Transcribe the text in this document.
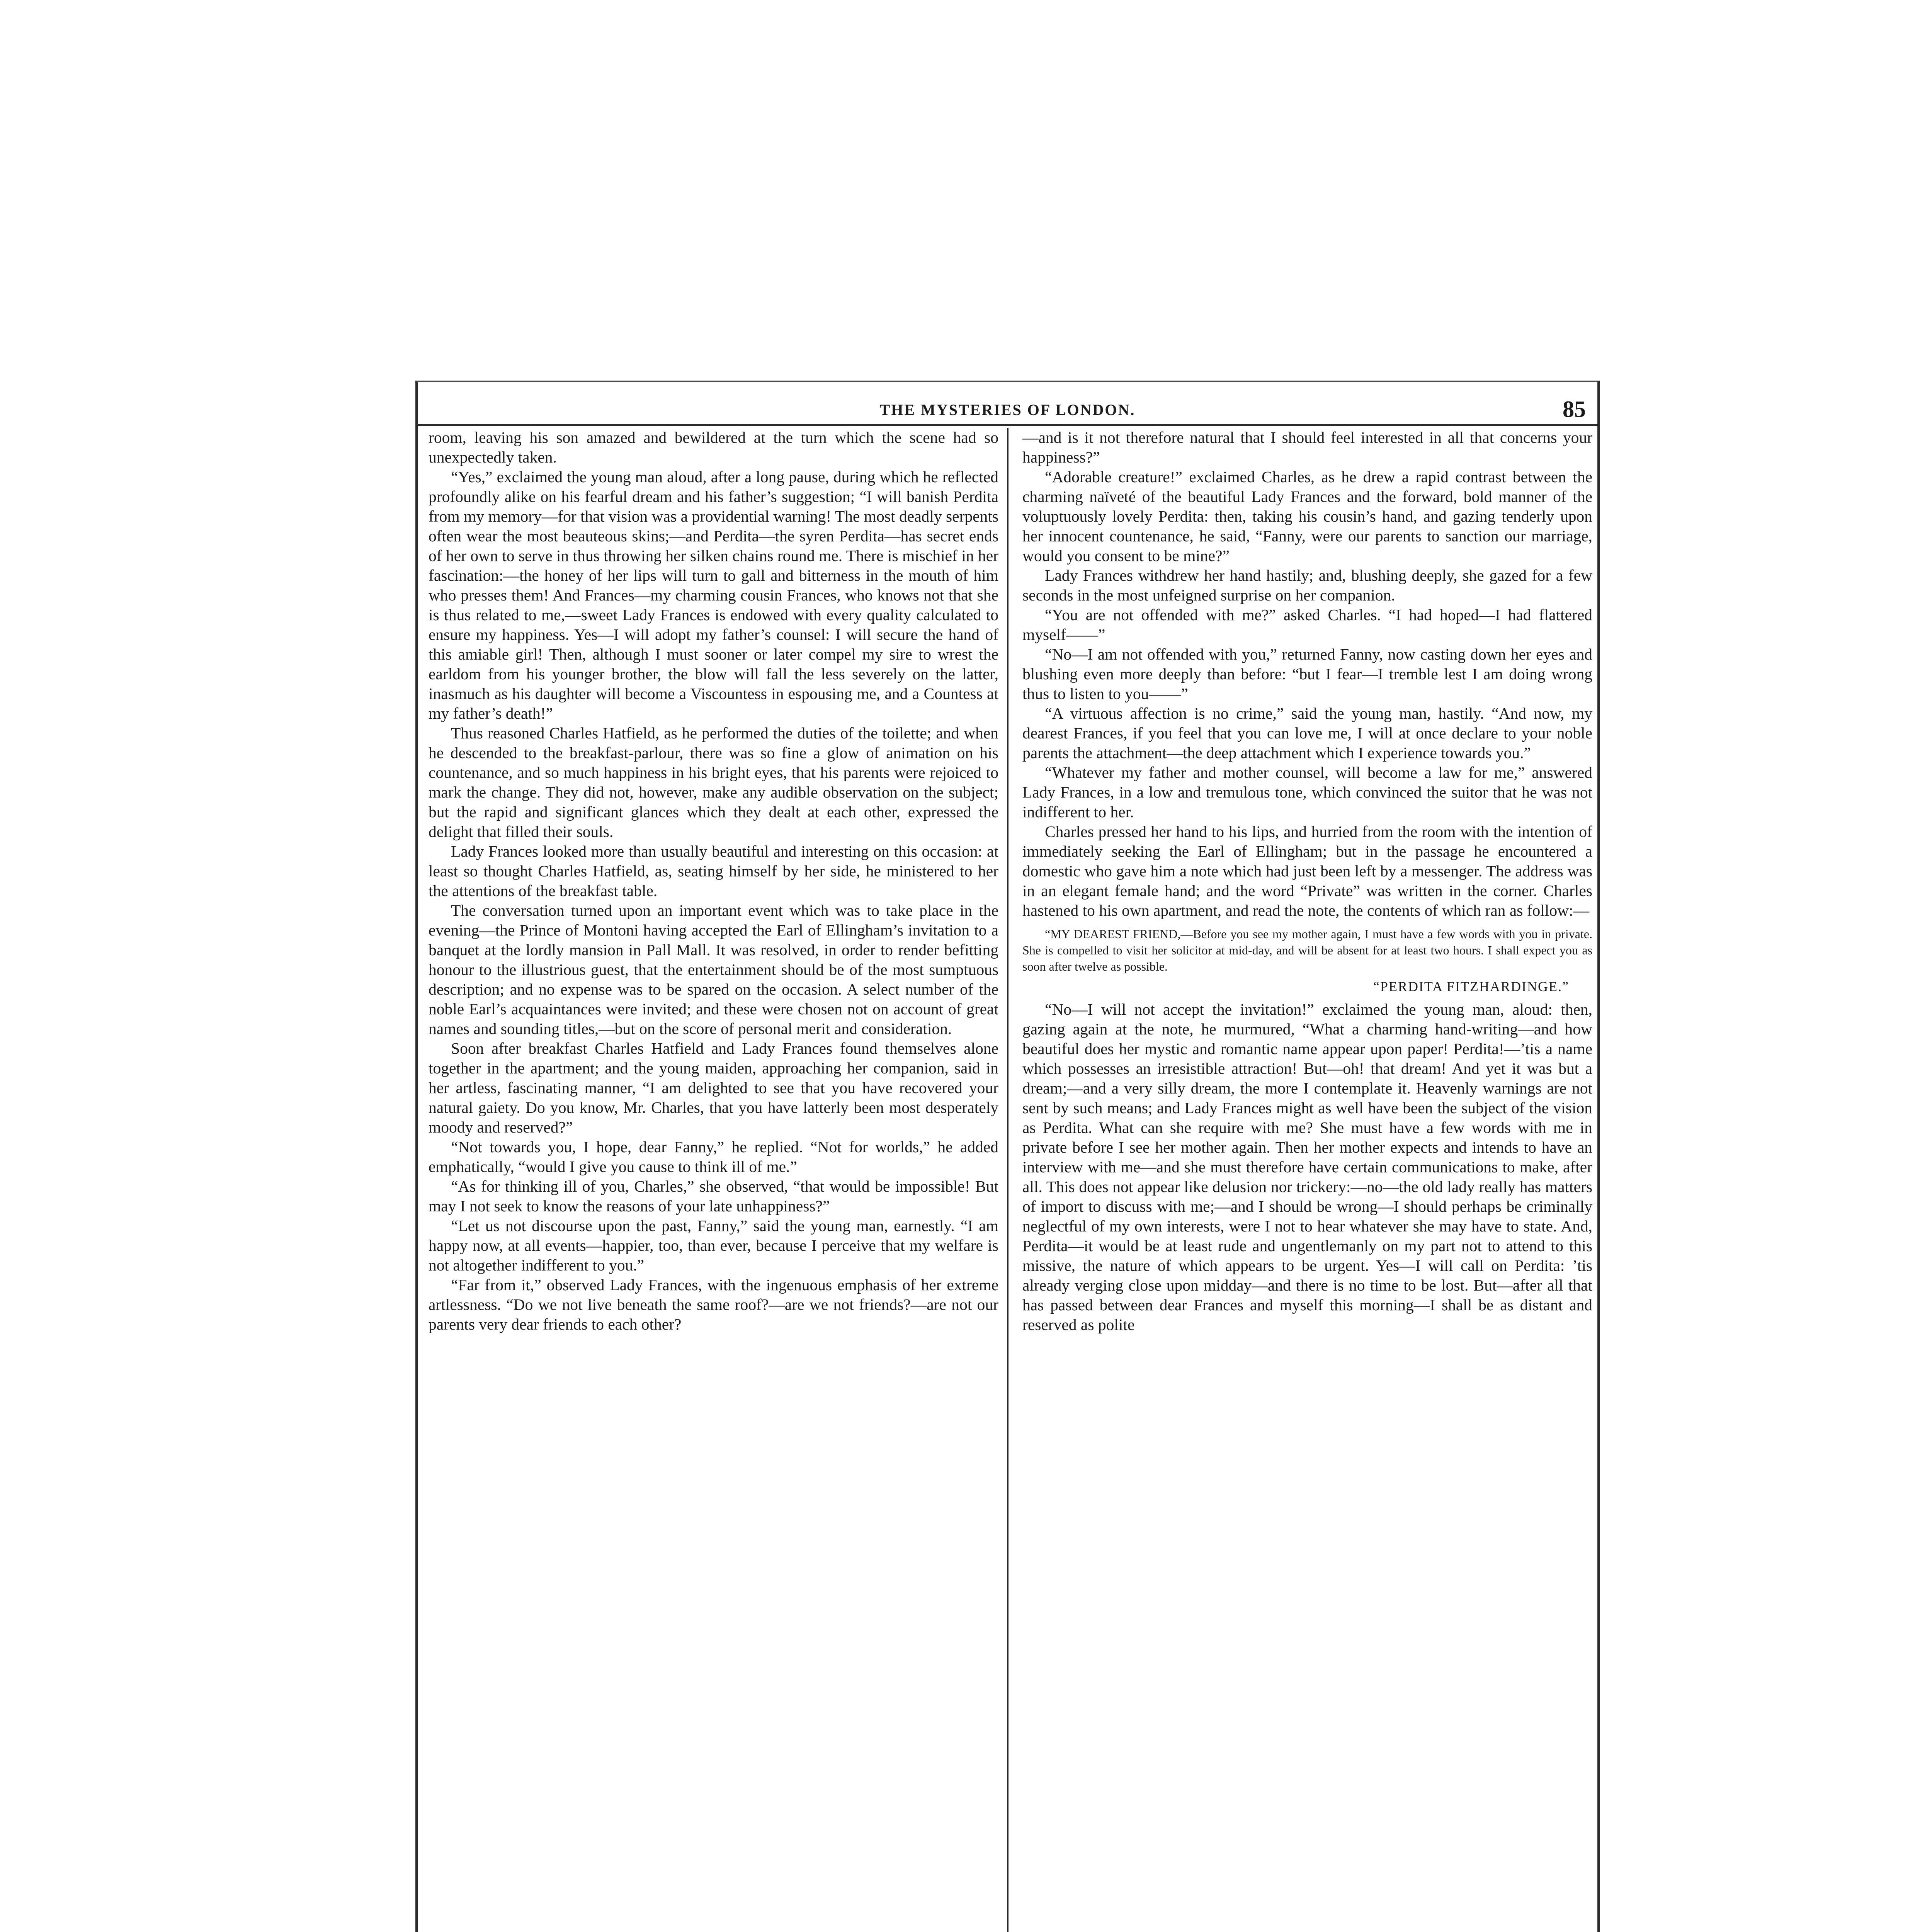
THE MYSTERIES OF LONDON.	85

room, leaving his son amazed and bewildered at the turn which the scene had so unexpectedly taken.

“Yes,” exclaimed the young man aloud, after a long pause, during which he reflected profoundly alike on his fearful dream and his father’s suggestion; “I will banish Perdita from my memory—for that vision was a providential warning! The most deadly serpents often wear the most beauteous skins;—and Perdita—the syren Perdita—has secret ends of her own to serve in thus throwing her silken chains round me. There is mischief in her fascination:—the honey of her lips will turn to gall and bitterness in the mouth of him who presses them! And Frances—my charming cousin Frances, who knows not that she is thus related to me,—sweet Lady Frances is endowed with every quality calculated to ensure my happiness. Yes—I will adopt my father’s counsel: I will secure the hand of this amiable girl! Then, although I must sooner or later compel my sire to wrest the earldom from his younger brother, the blow will fall the less severely on the latter, inasmuch as his daughter will become a Viscountess in espousing me, and a Countess at my father’s death!”

Thus reasoned Charles Hatfield, as he performed the duties of the toilette; and when he descended to the breakfast-parlour, there was so fine a glow of animation on his countenance, and so much happiness in his bright eyes, that his parents were rejoiced to mark the change. They did not, however, make any audible observation on the subject; but the rapid and significant glances which they dealt at each other, expressed the delight that filled their souls.

Lady Frances looked more than usually beautiful and interesting on this occasion: at least so thought Charles Hatfield, as, seating himself by her side, he ministered to her the attentions of the breakfast table.

The conversation turned upon an important event which was to take place in the evening—the Prince of Montoni having accepted the Earl of Ellingham’s invitation to a banquet at the lordly mansion in Pall Mall. It was resolved, in order to render befitting honour to the illustrious guest, that the entertainment should be of the most sumptuous description; and no expense was to be spared on the occasion. A select number of the noble Earl’s acquaintances were invited; and these were chosen not on account of great names and sounding titles,—but on the score of personal merit and consideration.

Soon after breakfast Charles Hatfield and Lady Frances found themselves alone together in the apartment; and the young maiden, approaching her companion, said in her artless, fascinating manner, “I am delighted to see that you have recovered your natural gaiety. Do you know, Mr. Charles, that you have latterly been most desperately moody and reserved?”

“Not towards you, I hope, dear Fanny,” he replied. “Not for worlds,” he added emphatically, “would I give you cause to think ill of me.”

“As for thinking ill of you, Charles,” she observed, “that would be impossible! But may I not seek to know the reasons of your late unhappiness?”

“Let us not discourse upon the past, Fanny,” said the young man, earnestly. “I am happy now, at all events—happier, too, than ever, because I perceive that my welfare is not altogether indifferent to you.”

“Far from it,” observed Lady Frances, with the ingenuous emphasis of her extreme artlessness. “Do we not live beneath the same roof?—are we not friends?—are not our parents very dear friends to each other?

—and is it not therefore natural that I should feel interested in all that concerns your happiness?”

“Adorable creature!” exclaimed Charles, as he drew a rapid contrast between the charming naïveté of the beautiful Lady Frances and the forward, bold manner of the voluptuously lovely Perdita: then, taking his cousin’s hand, and gazing tenderly upon her innocent countenance, he said, “Fanny, were our parents to sanction our marriage, would you consent to be mine?”

Lady Frances withdrew her hand hastily; and, blushing deeply, she gazed for a few seconds in the most unfeigned surprise on her companion.

“You are not offended with me?” asked Charles. “I had hoped—I had flattered myself——”

“No—I am not offended with you,” returned Fanny, now casting down her eyes and blushing even more deeply than before: “but I fear—I tremble lest I am doing wrong thus to listen to you——”

“A virtuous affection is no crime,” said the young man, hastily. “And now, my dearest Frances, if you feel that you can love me, I will at once declare to your noble parents the attachment—the deep attachment which I experience towards you.”

“Whatever my father and mother counsel, will become a law for me,” answered Lady Frances, in a low and tremulous tone, which convinced the suitor that he was not indifferent to her.

Charles pressed her hand to his lips, and hurried from the room with the intention of immediately seeking the Earl of Ellingham; but in the passage he encountered a domestic who gave him a note which had just been left by a messenger. The address was in an elegant female hand; and the word “Private” was written in the corner. Charles hastened to his own apartment, and read the note, the contents of which ran as follow:—

“MY DEAREST FRIEND,—Before you see my mother again, I must have a few words with you in private. She is compelled to visit her solicitor at mid-day, and will be absent for at least two hours. I shall expect you as soon after twelve as possible.

“PERDITA FITZHARDINGE.”

“No—I will not accept the invitation!” exclaimed the young man, aloud: then, gazing again at the note, he murmured, “What a charming hand-writing—and how beautiful does her mystic and romantic name appear upon paper! Perdita!—’tis a name which possesses an irresistible attraction! But—oh! that dream! And yet it was but a dream;—and a very silly dream, the more I contemplate it. Heavenly warnings are not sent by such means; and Lady Frances might as well have been the subject of the vision as Perdita. What can she require with me? She must have a few words with me in private before I see her mother again. Then her mother expects and intends to have an interview with me—and she must therefore have certain communications to make, after all. This does not appear like delusion nor trickery:—no—the old lady really has matters of import to discuss with me;—and I should be wrong—I should perhaps be criminally neglectful of my own interests, were I not to hear whatever she may have to state. And, Perdita—it would be at least rude and ungentlemanly on my part not to attend to this missive, the nature of which appears to be urgent. Yes—I will call on Perdita: ’tis already verging close upon midday—and there is no time to be lost. But—after all that has passed between dear Frances and myself this morning—I shall be as distant and reserved as polite
